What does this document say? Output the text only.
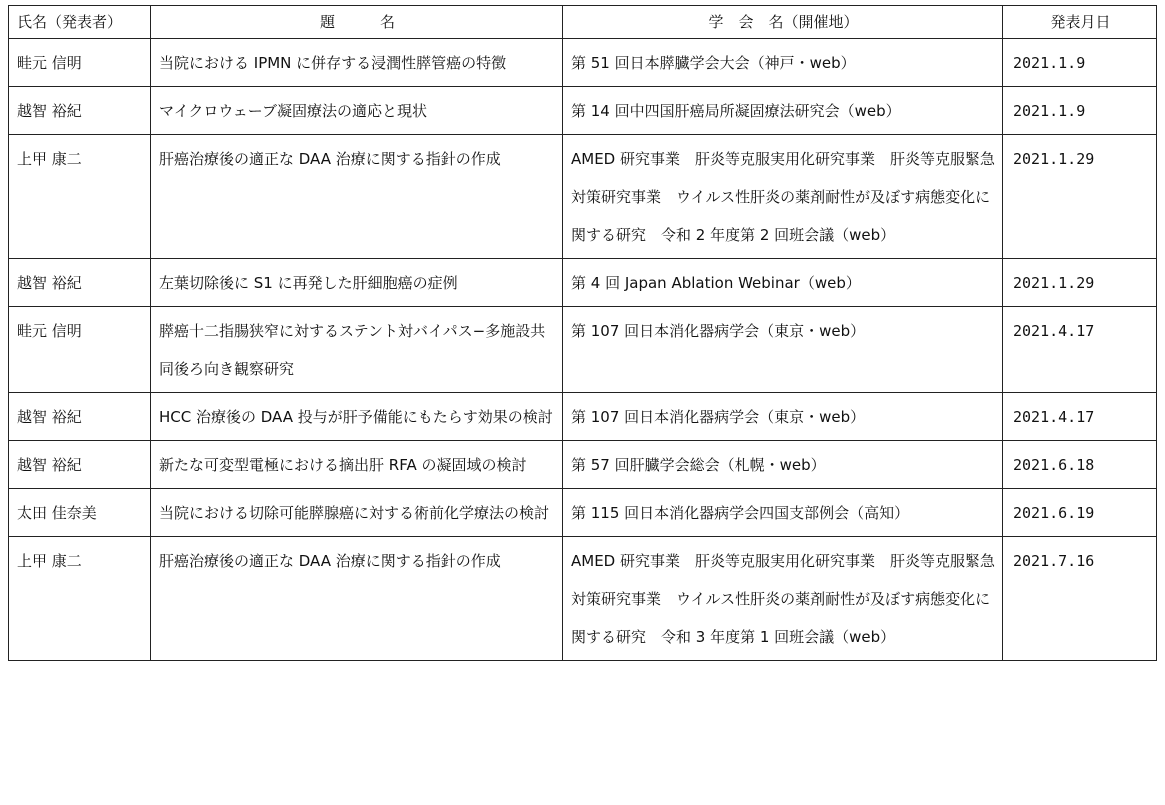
氏名（発表者）	題　　　名	学　会　名（開催地）	発表月日
畦元 信明	当院における IPMN に併存する浸潤性膵管癌の特徴	第 51 回日本膵臓学会大会（神戸・web）	2021.1.9
越智 裕紀	マイクロウェーブ凝固療法の適応と現状	第 14 回中四国肝癌局所凝固療法研究会（web）	2021.1.9
上甲 康二	肝癌治療後の適正な DAA 治療に関する指針の作成	AMED 研究事業　肝炎等克服実用化研究事業　肝炎等克服緊急対策研究事業　ウイルス性肝炎の薬剤耐性が及ぼす病態変化に関する研究　令和 2 年度第 2 回班会議（web）	2021.1.29
越智 裕紀	左葉切除後に S1 に再発した肝細胞癌の症例	第 4 回 Japan Ablation Webinar（web）	2021.1.29
畦元 信明	膵癌十二指腸狭窄に対するステント対バイパス−多施設共同後ろ向き観察研究	第 107 回日本消化器病学会（東京・web）	2021.4.17
越智 裕紀	HCC 治療後の DAA 投与が肝予備能にもたらす効果の検討	第 107 回日本消化器病学会（東京・web）	2021.4.17
越智 裕紀	新たな可変型電極における摘出肝 RFA の凝固域の検討	第 57 回肝臓学会総会（札幌・web）	2021.6.18
太田 佳奈美	当院における切除可能膵腺癌に対する術前化学療法の検討	第 115 回日本消化器病学会四国支部例会（高知）	2021.6.19
上甲 康二	肝癌治療後の適正な DAA 治療に関する指針の作成	AMED 研究事業　肝炎等克服実用化研究事業　肝炎等克服緊急対策研究事業　ウイルス性肝炎の薬剤耐性が及ぼす病態変化に関する研究　令和 3 年度第 1 回班会議（web）	2021.7.16
